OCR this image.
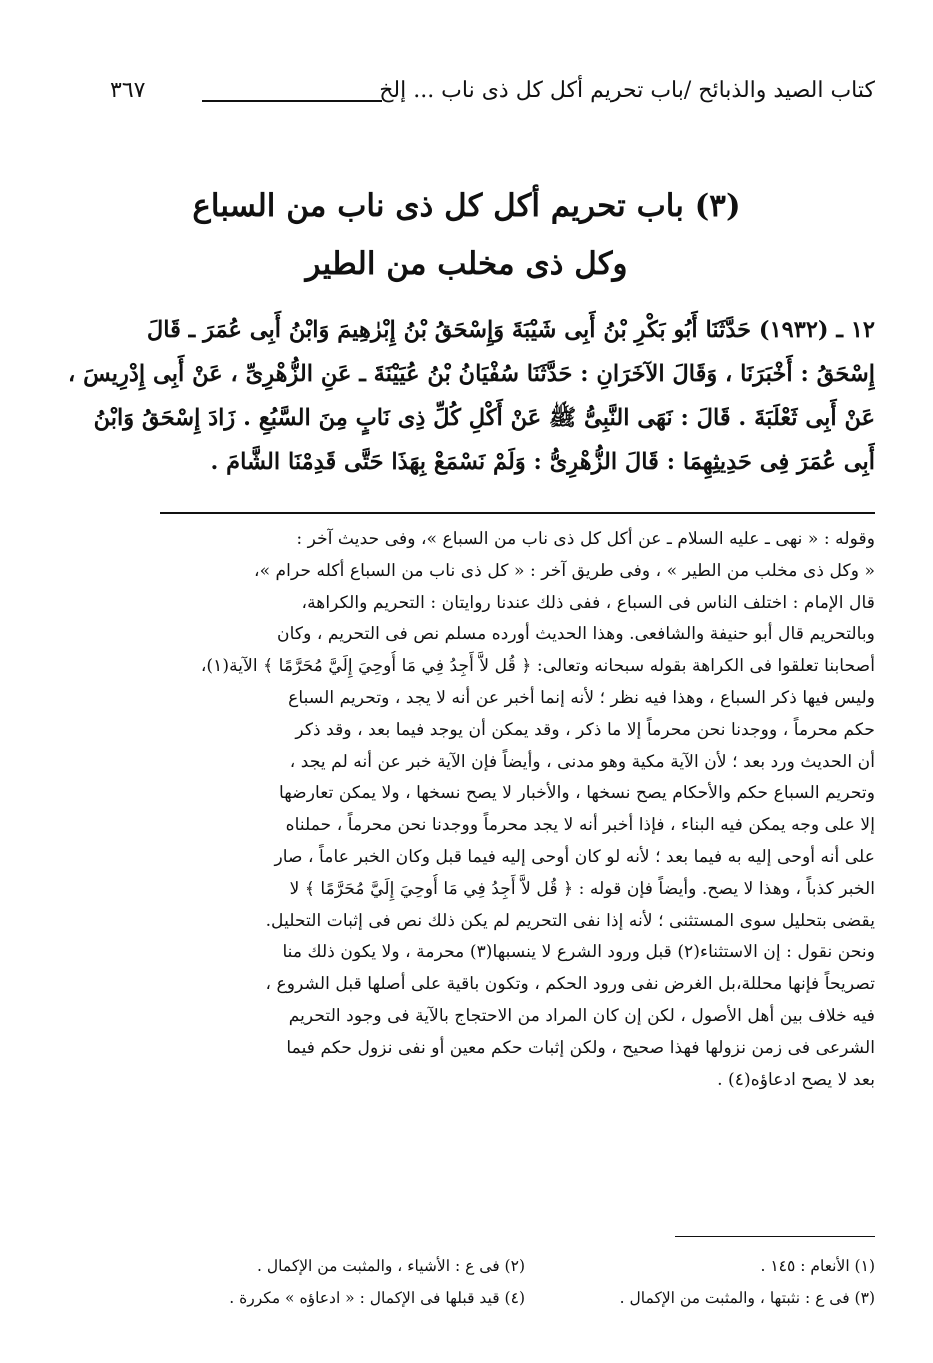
كتاب الصيد والذبائح /باب تحريم أكل كل ذى ناب ... إلخ
٣٦٧
(٣) باب تحريم أكل كل ذى ناب من السباع
وكل ذى مخلب من الطير
١٢ ـ (١٩٣٢) حَدَّثَنَا أَبُو بَكْرِ بْنُ أَبِى شَيْبَةَ وَإِسْحَقُ بْنُ إِبْرٰهِيمَ وَابْنُ أَبِى عُمَرَ ـ قَالَ
إِسْحَقُ : أَخْبَرَنَا ، وَقَالَ الآخَرَانِ : حَدَّثَنَا سُفْيَانُ بْنُ عُيَيْنَةَ ـ عَنِ الزُّهْرِىِّ ، عَنْ أَبِى إِدْرِيسَ ،
عَنْ أَبِى ثَعْلَبَةَ . قَالَ : نَهَى النَّبِىُّ ﷺ عَنْ أَكْلِ كُلِّ ذِى نَابٍ مِنَ السَّبُعِ . زَادَ إِسْحَقُ وَابْنُ
أَبِى عُمَرَ فِى حَدِيثِهِمَا : قَالَ الزُّهْرِىُّ : وَلَمْ نَسْمَعْ بِهَذَا حَتَّى قَدِمْنَا الشَّامَ .
وقوله : « نهى ـ عليه السلام ـ عن أكل كل ذى ناب من السباع »، وفى حديث آخر :
« وكل ذى مخلب من الطير » ، وفى طريق آخر : « كل ذى ناب من السباع أكله حرام »،
قال الإمام : اختلف الناس فى السباع ، ففى ذلك عندنا روايتان : التحريم والكراهة،
وبالتحريم قال أبو حنيفة والشافعى. وهذا الحديث أورده مسلم نص فى التحريم ، وكان
أصحابنا تعلقوا فى الكراهة بقوله سبحانه وتعالى: ﴿ قُل لاَّ أَجِدُ فِي مَا أُوحِيَ إِلَيَّ مُحَرَّمًا ﴾ الآية(١)،
وليس فيها ذكر السباع ، وهذا فيه نظر ؛ لأنه إنما أخبر عن أنه لا يجد ، وتحريم السباع
حكم محرماً ، ووجدنا نحن محرماً إلا ما ذكر ، وقد يمكن أن يوجد فيما بعد ، وقد ذكر
أن الحديث ورد بعد ؛ لأن الآية مكية وهو مدنى ، وأيضاً فإن الآية خبر عن أنه لم يجد ،
وتحريم السباع حكم والأحكام يصح نسخها ، والأخبار لا يصح نسخها ، ولا يمكن تعارضها
إلا على وجه يمكن فيه البناء ، فإذا أخبر أنه لا يجد محرماً ووجدنا نحن محرماً ، حملناه
على أنه أوحى إليه به فيما بعد ؛ لأنه لو كان أوحى إليه فيما قبل وكان الخبر عاماً ، صار
الخبر كذباً ، وهذا لا يصح. وأيضاً فإن قوله : ﴿ قُل لاَّ أَجِدُ فِي مَا أُوحِيَ إِلَيَّ مُحَرَّمًا ﴾ لا
يقضى بتحليل سوى المستثنى ؛ لأنه إذا نفى التحريم لم يكن ذلك نص فى إثبات التحليل.
ونحن نقول : إن الاستثناء(٢) قبل ورود الشرع لا ينسبها(٣) محرمة ، ولا يكون ذلك منا
تصريحاً فإنها محللة،بل الغرض نفى ورود الحكم ، وتكون باقية على أصلها قبل الشروع ،
فيه خلاف بين أهل الأصول ، لكن إن كان المراد من الاحتجاج بالآية فى وجود التحريم
الشرعى فى زمن نزولها فهذا صحيح ، ولكن إثبات حكم معين أو نفى نزول حكم فيما
بعد لا يصح ادعاؤه(٤) .
(١) الأنعام : ١٤٥ .
(٢) فى ع : الأشياء ، والمثبت من الإكمال .
(٣) فى ع : نثبتها ، والمثبت من الإكمال .
(٤) قيد قبلها فى الإكمال : « ادعاؤه » مكررة .
